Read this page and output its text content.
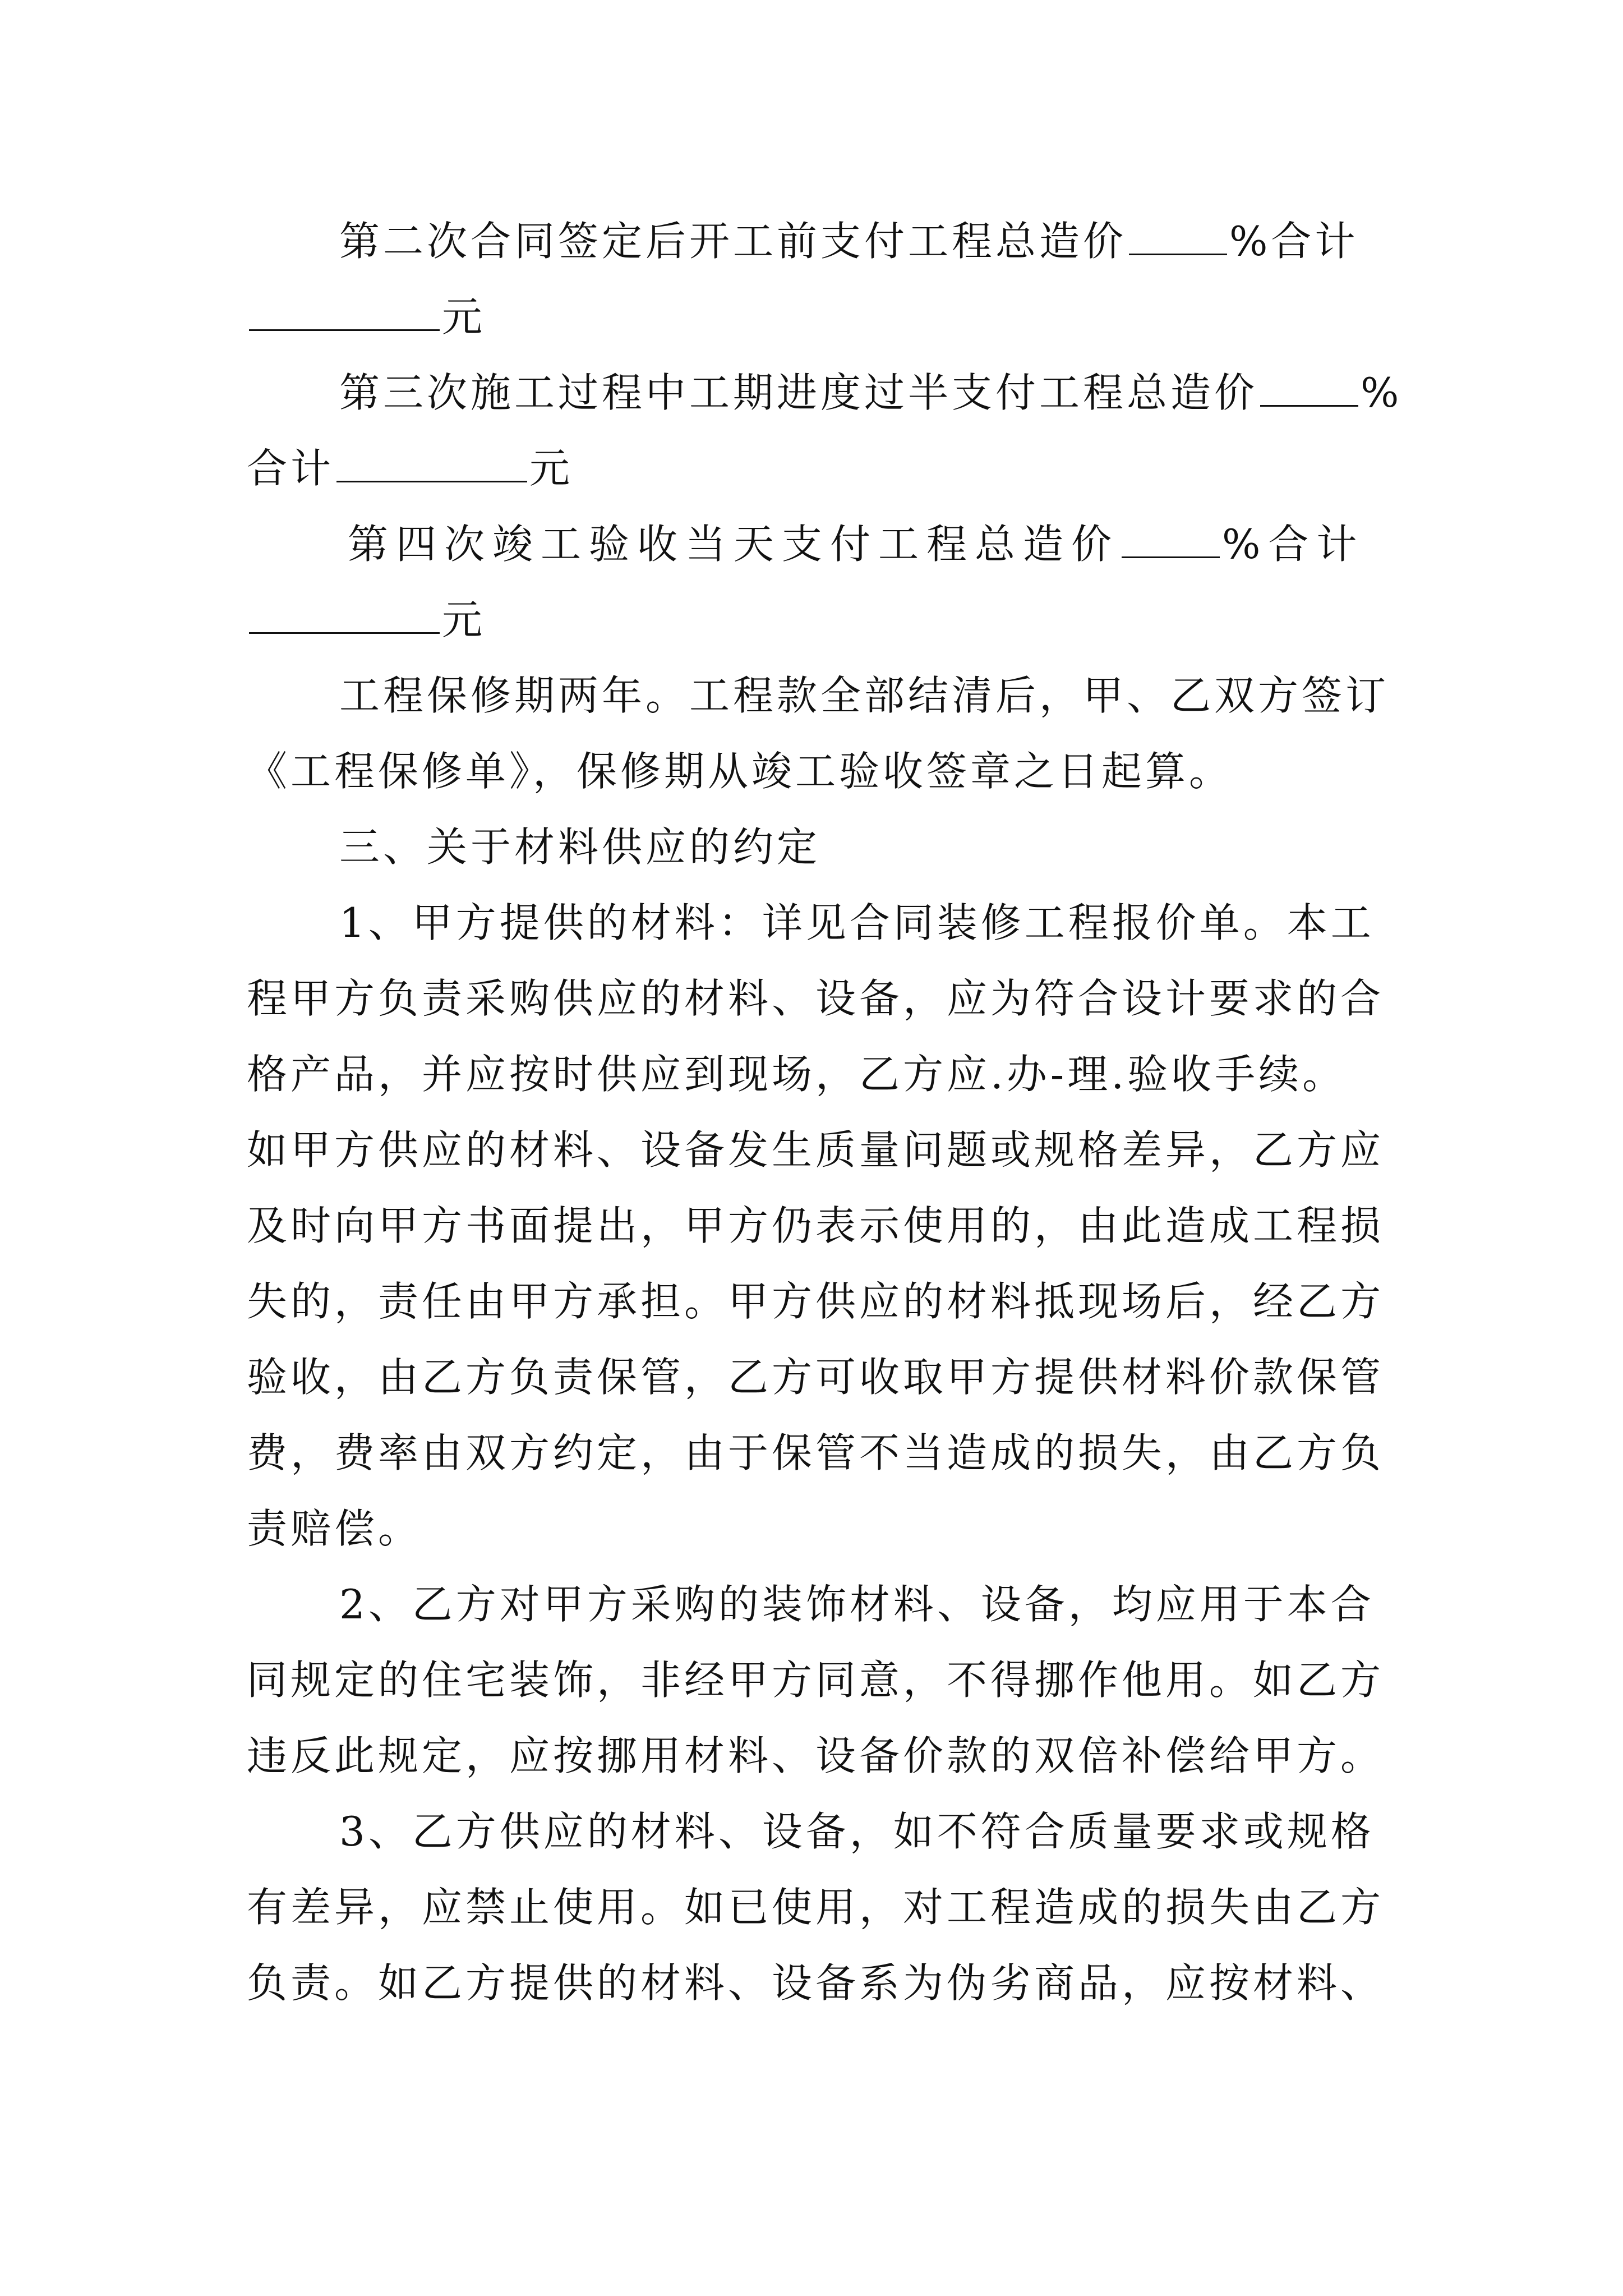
第二次合同签定后开工前支付工程总造价	%合计
元
第三次施工过程中工期进度过半支付工程总造价	%
合计	元
第四次竣工验收当天支付工程总造价	%合计
元
工程保修期两年。工程款全部结清后，甲、乙双方签订
《工程保修单》，保修期从竣工验收签章之日起算。
三、关于材料供应的约定
1、甲方提供的材料：详见合同装修工程报价单。本工
程甲方负责采购供应的材料、设备，应为符合设计要求的合
格产品，并应按时供应到现场，乙方应.办-理.验收手续。
如甲方供应的材料、设备发生质量问题或规格差异，乙方应
及时向甲方书面提出，甲方仍表示使用的，由此造成工程损
失的，责任由甲方承担。甲方供应的材料抵现场后，经乙方
验收，由乙方负责保管，乙方可收取甲方提供材料价款保管
费，费率由双方约定，由于保管不当造成的损失，由乙方负
责赔偿。
2、乙方对甲方采购的装饰材料、设备，均应用于本合
同规定的住宅装饰，非经甲方同意，不得挪作他用。如乙方
违反此规定，应按挪用材料、设备价款的双倍补偿给甲方。
3、乙方供应的材料、设备，如不符合质量要求或规格
有差异，应禁止使用。如已使用，对工程造成的损失由乙方
负责。如乙方提供的材料、设备系为伪劣商品，应按材料、
